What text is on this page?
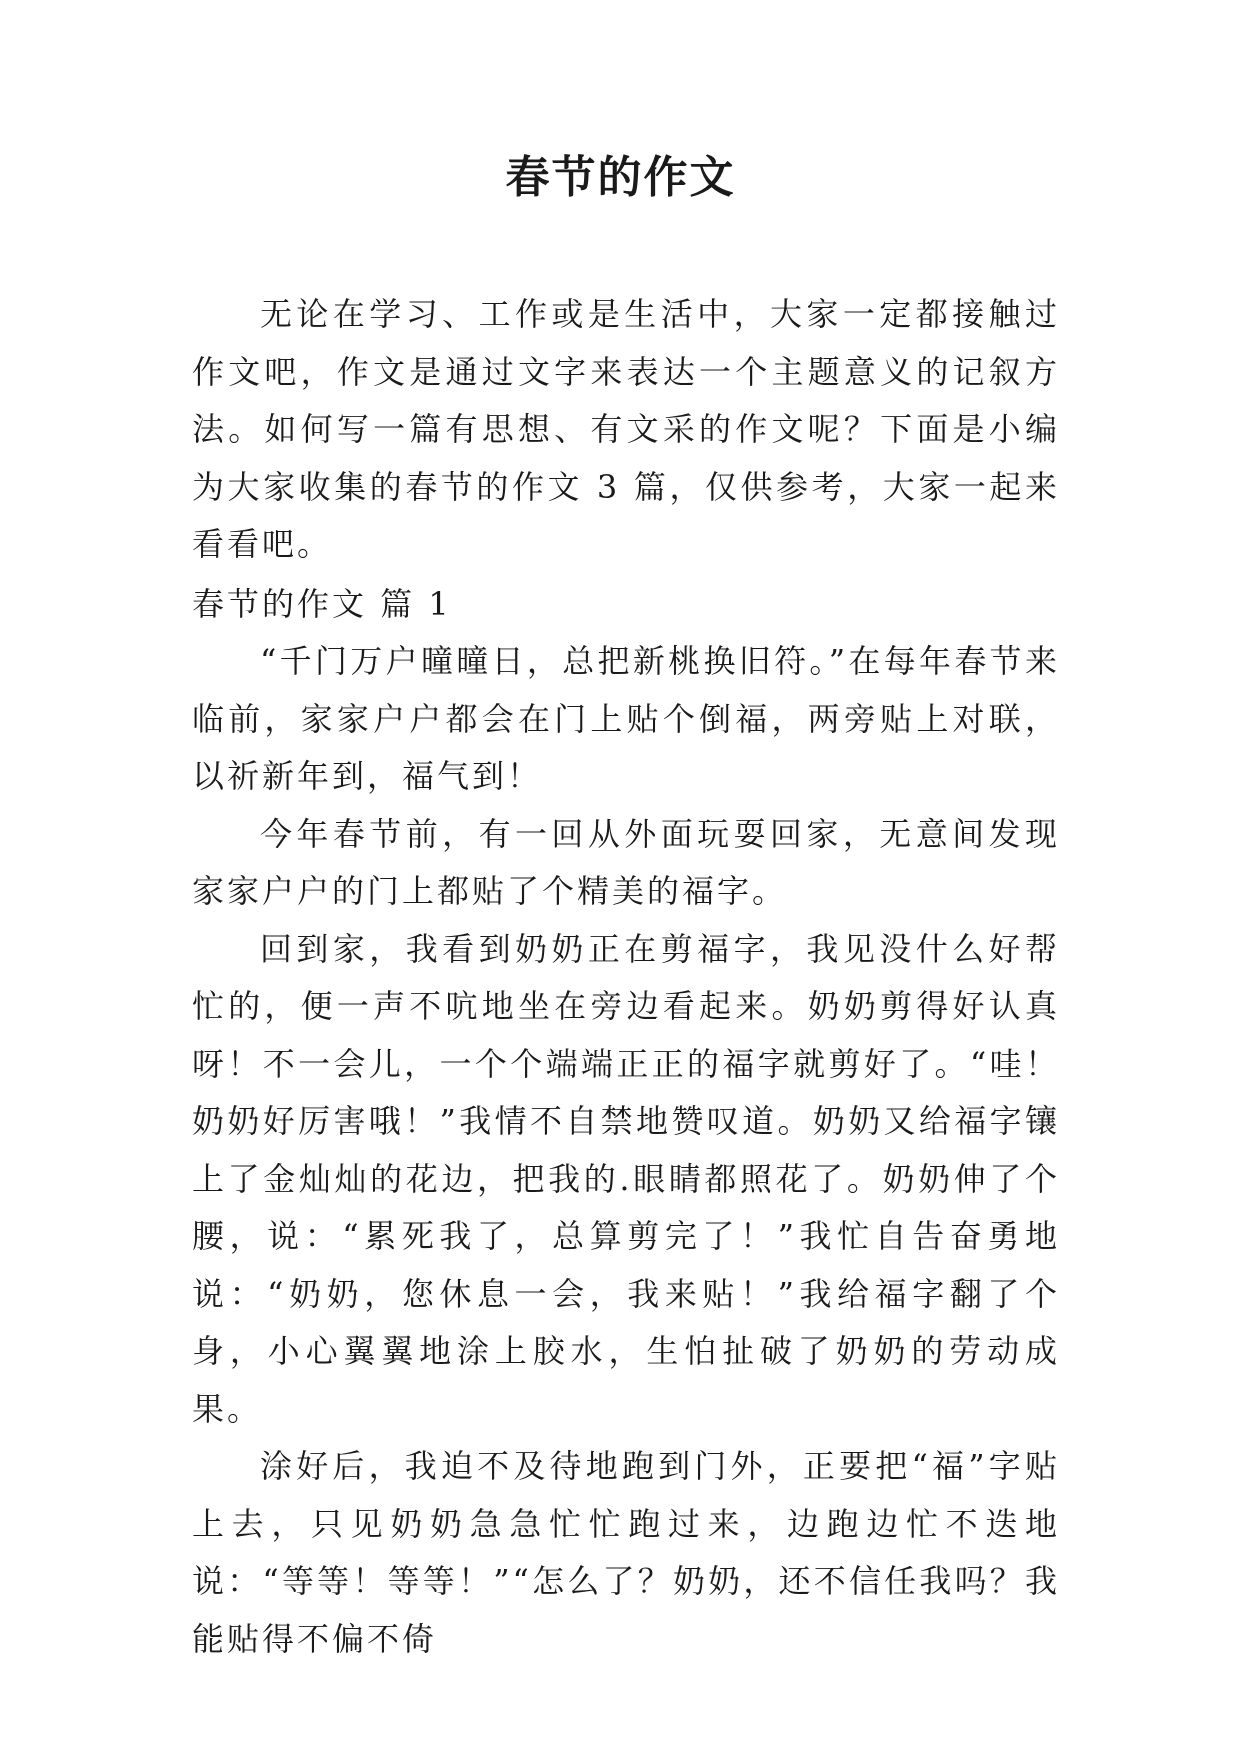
春节的作文

无论在学习、工作或是生活中，大家一定都接触过作文吧，作文是通过文字来表达一个主题意义的记叙方法。如何写一篇有思想、有文采的作文呢？下面是小编为大家收集的春节的作文 3 篇，仅供参考，大家一起来看看吧。

春节的作文 篇 1

“千门万户曈曈日，总把新桃换旧符。”在每年春节来临前，家家户户都会在门上贴个倒福，两旁贴上对联，以祈新年到，福气到！

今年春节前，有一回从外面玩耍回家，无意间发现家家户户的门上都贴了个精美的福字。

回到家，我看到奶奶正在剪福字，我见没什么好帮忙的，便一声不吭地坐在旁边看起来。奶奶剪得好认真呀！不一会儿，一个个端端正正的福字就剪好了。“哇！奶奶好厉害哦！”我情不自禁地赞叹道。奶奶又给福字镶上了金灿灿的花边，把我的.眼睛都照花了。奶奶伸了个腰，说：“累死我了，总算剪完了！”我忙自告奋勇地说：“奶奶，您休息一会，我来贴！”我给福字翻了个身，小心翼翼地涂上胶水，生怕扯破了奶奶的劳动成果。

涂好后，我迫不及待地跑到门外，正要把“福”字贴上去，只见奶奶急急忙忙跑过来，边跑边忙不迭地说：“等等！等等！”“怎么了？奶奶，还不信任我吗？我能贴得不偏不倚
